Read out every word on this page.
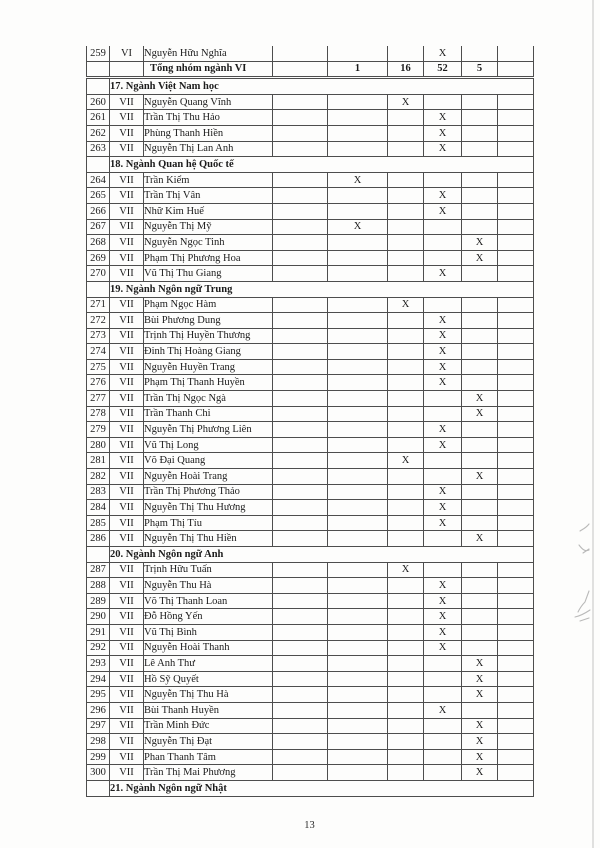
259	VI	Nguyễn Hữu Nghĩa				X		
		Tổng nhóm ngành VI		1	16	52	5	
	17. Ngành Việt Nam học							
260	VII	Nguyễn Quang Vĩnh			X			
261	VII	Trần Thị Thu Hảo				X		
262	VII	Phùng Thanh Hiền				X		
263	VII	Nguyễn Thị Lan Anh				X		
	18. Ngành Quan hệ Quốc tế							
264	VII	Trần Kiểm		X				
265	VII	Trần Thị Vân				X		
266	VII	Nhữ Kim Huế				X		
267	VII	Nguyễn Thị Mỹ		X				
268	VII	Nguyễn Ngọc Tinh					X	
269	VII	Phạm Thị Phương Hoa					X	
270	VII	Vũ Thị Thu Giang				X		
	19. Ngành Ngôn ngữ Trung							
271	VII	Phạm Ngọc Hàm			X			
272	VII	Bùi Phương Dung				X		
273	VII	Trịnh Thị Huyền Thương				X		
274	VII	Đinh Thị Hoàng Giang				X		
275	VII	Nguyễn Huyền Trang				X		
276	VII	Phạm Thị Thanh Huyền				X		
277	VII	Trần Thị Ngọc Ngà					X	
278	VII	Trần Thanh Chi					X	
279	VII	Nguyễn Thị Phương Liên				X		
280	VII	Vũ Thị Long				X		
281	VII	Võ Đại Quang			X			
282	VII	Nguyễn Hoài Trang					X	
283	VII	Trần Thị Phương Thảo				X		
284	VII	Nguyễn Thị Thu Hương				X		
285	VII	Phạm Thị Tíu				X		
286	VII	Nguyễn Thị Thu Hiền					X	
	20. Ngành Ngôn ngữ Anh							
287	VII	Trịnh Hữu Tuấn			X			
288	VII	Nguyễn Thu Hà				X		
289	VII	Võ Thị Thanh Loan				X		
290	VII	Đỗ Hồng Yến				X		
291	VII	Vũ Thị Bình				X		
292	VII	Nguyễn Hoài Thanh				X		
293	VII	Lê Anh Thư					X	
294	VII	Hồ Sỹ Quyết					X	
295	VII	Nguyễn Thị Thu Hà					X	
296	VII	Bùi Thanh Huyền				X		
297	VII	Trần Minh Đức					X	
298	VII	Nguyễn Thị Đạt					X	
299	VII	Phan Thanh Tâm					X	
300	VII	Trần Thị Mai Phương					X	
	21. Ngành Ngôn ngữ Nhật							
13
